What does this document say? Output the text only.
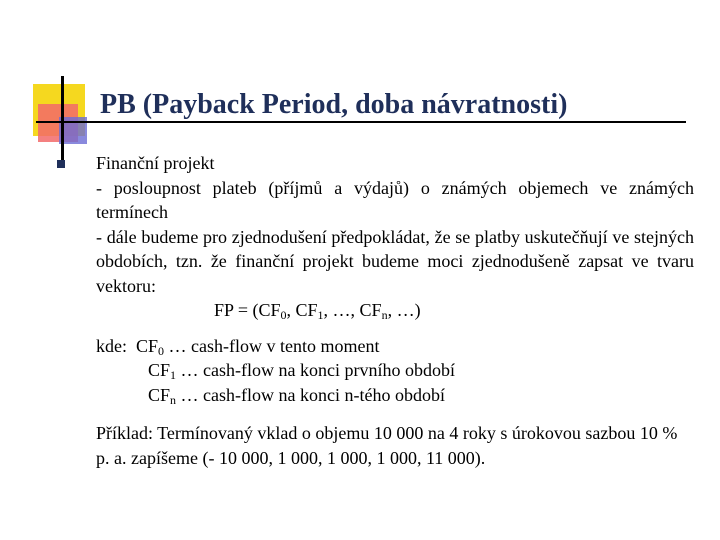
PB (Payback Period, doba návratnosti)

Finanční projekt

- posloupnost plateb (příjmů a výdajů) o známých objemech ve známých termínech

- dále budeme pro zjednodušení předpokládat, že se platby uskutečňují ve stejných obdobích, tzn. že finanční projekt budeme moci zjednodušeně zapsat ve tvaru vektoru:

FP = ($CF_0$, $CF_1$, …, $CF_n$, …)

kde: $CF_0$ … cash-flow v tento moment

$CF_1$ … cash-flow na konci prvního období

$CF_n$ … cash-flow na konci n-tého období

Příklad: Termínovaný vklad o objemu 10 000 na 4 roky s úrokovou sazbou 10 % p. a. zapíšeme (- 10 000, 1 000, 1 000, 1 000, 11 000).
